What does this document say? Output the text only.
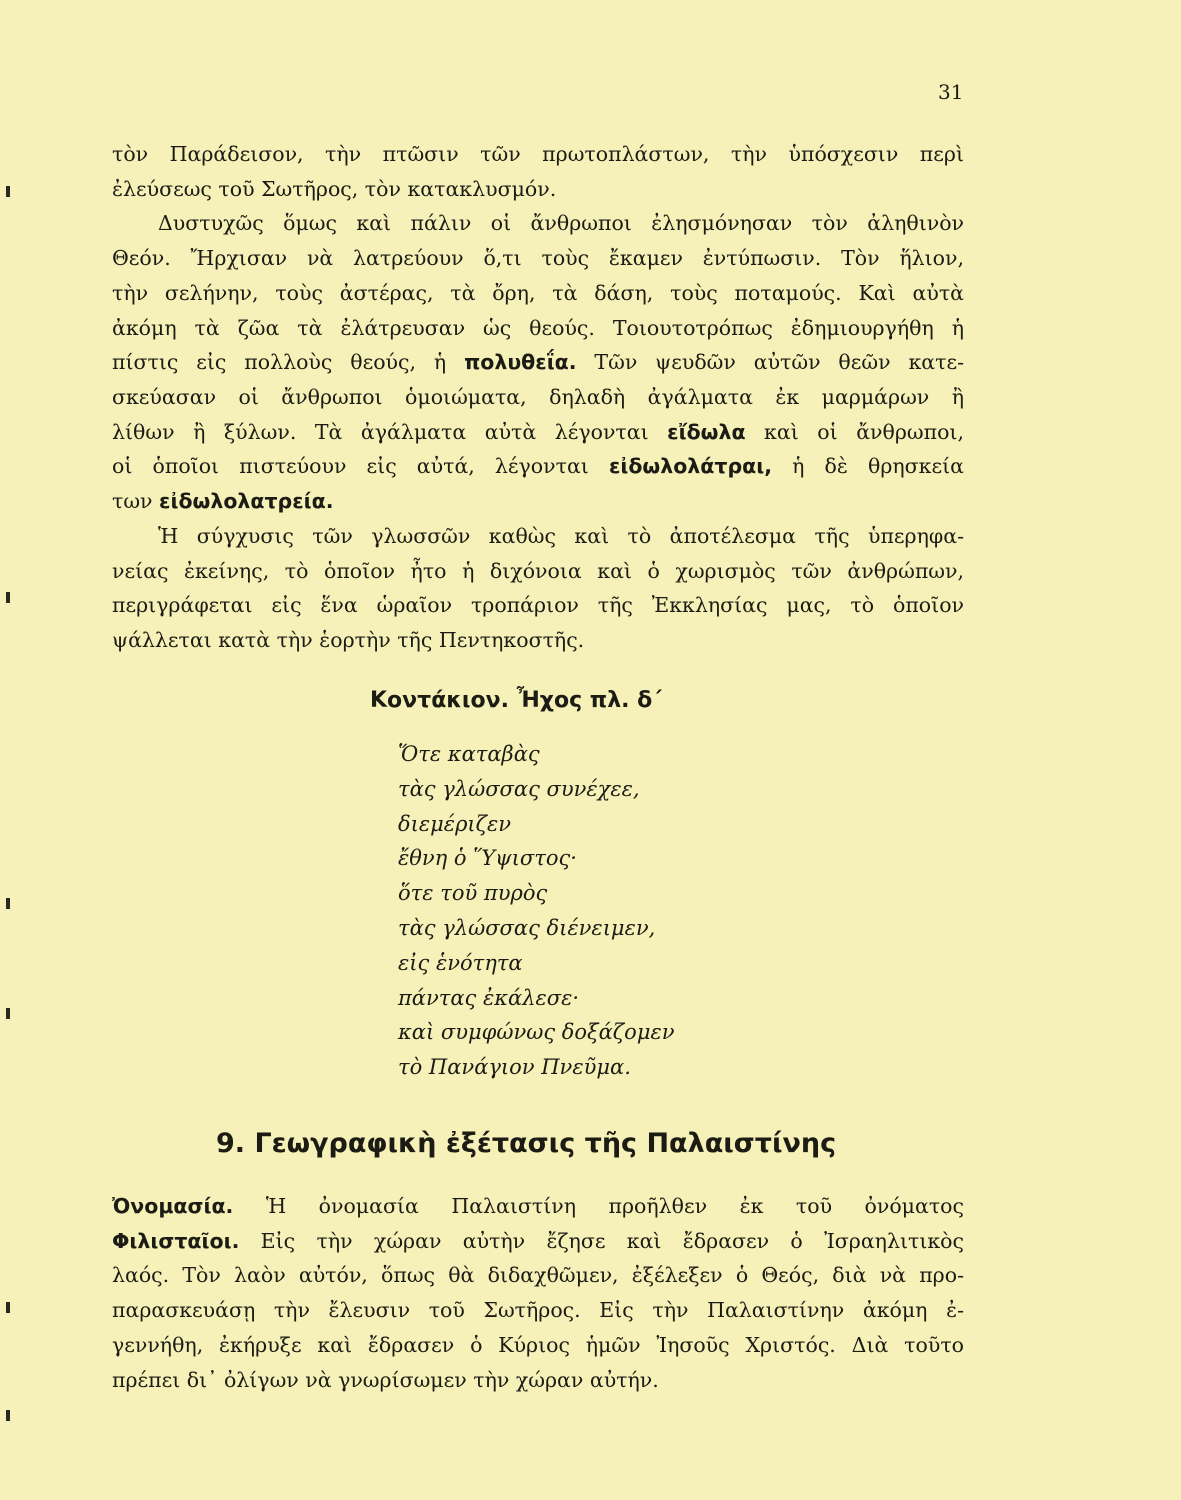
31
τὸν Παράδεισον, τὴν πτῶσιν τῶν πρωτοπλάστων, τὴν ὑπόσχεσιν περὶ
ἐλεύσεως τοῦ Σωτῆρος, τὸν κατακλυσμόν.
Δυστυχῶς ὅμως καὶ πάλιν οἱ ἄνθρωποι ἐλησμόνησαν τὸν ἀληθινὸν
Θεόν. Ἤρχισαν νὰ λατρεύουν ὅ,τι τοὺς ἔκαμεν ἐντύπωσιν. Τὸν ἥλιον,
τὴν σελήνην, τοὺς ἀστέρας, τὰ ὄρη, τὰ δάση, τοὺς ποταμούς. Καὶ αὐτὰ
ἀκόμη τὰ ζῶα τὰ ἐλάτρευσαν ὡς θεούς. Τοιουτοτρόπως ἐδημιουργήθη ἡ
πίστις εἰς πολλοὺς θεούς, ἡ πολυθεΐα. Τῶν ψευδῶν αὐτῶν θεῶν κατε-
σκεύασαν οἱ ἄνθρωποι ὁμοιώματα, δηλαδὴ ἀγάλματα ἐκ μαρμάρων ἢ
λίθων ἢ ξύλων. Τὰ ἀγάλματα αὐτὰ λέγονται εἴδωλα καὶ οἱ ἄνθρωποι,
οἱ ὁποῖοι πιστεύουν εἰς αὐτά, λέγονται εἰδωλολάτραι, ἡ δὲ θρησκεία
των εἰδωλολατρεία.
Ἡ σύγχυσις τῶν γλωσσῶν καθὼς καὶ τὸ ἀποτέλεσμα τῆς ὑπερηφα-
νείας ἐκείνης, τὸ ὁποῖον ἦτο ἡ διχόνοια καὶ ὁ χωρισμὸς τῶν ἀνθρώπων,
περιγράφεται εἰς ἕνα ὡραῖον τροπάριον τῆς Ἐκκλησίας μας, τὸ ὁποῖον
ψάλλεται κατὰ τὴν ἑορτὴν τῆς Πεντηκοστῆς.
Κοντάκιον. Ἦχος πλ. δ΄
Ὅτε καταβὰς
τὰς γλώσσας συνέχεε,
διεμέριζεν
ἔθνη ὁ Ὕψιστος·
ὅτε τοῦ πυρὸς
τὰς γλώσσας διένειμεν,
εἰς ἑνότητα
πάντας ἐκάλεσε·
καὶ συμφώνως δοξάζομεν
τὸ Πανάγιον Πνεῦμα.
9. Γεωγραφικὴ ἐξέτασις τῆς Παλαιστίνης
Ὀνομασία. Ἡ ὀνομασία Παλαιστίνη προῆλθεν ἐκ τοῦ ὀνόματος
Φιλισταῖοι. Εἰς τὴν χώραν αὐτὴν ἔζησε καὶ ἔδρασεν ὁ Ἰσραηλιτικὸς
λαός. Τὸν λαὸν αὐτόν, ὅπως θὰ διδαχθῶμεν, ἐξέλεξεν ὁ Θεός, διὰ νὰ προ-
παρασκευάσῃ τὴν ἔλευσιν τοῦ Σωτῆρος. Εἰς τὴν Παλαιστίνην ἀκόμη ἐ-
γεννήθη, ἐκήρυξε καὶ ἔδρασεν ὁ Κύριος ἡμῶν Ἰησοῦς Χριστός. Διὰ τοῦτο
πρέπει δι᾽ ὀλίγων νὰ γνωρίσωμεν τὴν χώραν αὐτήν.
